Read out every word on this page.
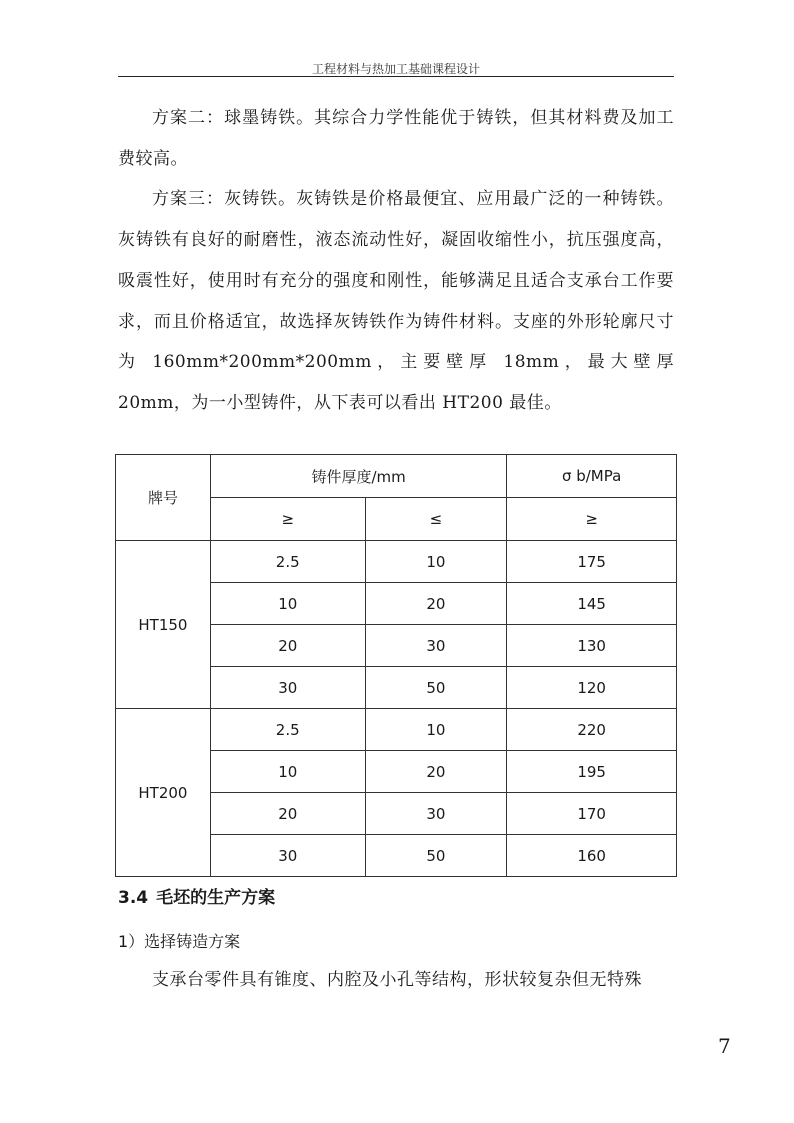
工程材料与热加工基础课程设计

方案二：球墨铸铁。其综合力学性能优于铸铁，但其材料费及加工费较高。

方案三：灰铸铁。灰铸铁是价格最便宜、应用最广泛的一种铸铁。灰铸铁有良好的耐磨性，液态流动性好，凝固收缩性小，抗压强度高，吸震性好，使用时有充分的强度和刚性，能够满足且适合支承台工作要求，而且价格适宜，故选择灰铸铁作为铸件材料。支座的外形轮廓尺寸为 160mm*200mm*200mm，主要壁厚 18mm，最大壁厚 20mm，为一小型铸件，从下表可以看出 HT200 最佳。

牌号	铸件厚度/mm		σ b/MPa
	≥	≤	≥
HT150	2.5	10	175
	10	20	145
	20	30	130
	30	50	120
HT200	2.5	10	220
	10	20	195
	20	30	170
	30	50	160
3.4 毛坯的生产方案
1）选择铸造方案

支承台零件具有锥度、内腔及小孔等结构，形状较复杂但无特殊

7
